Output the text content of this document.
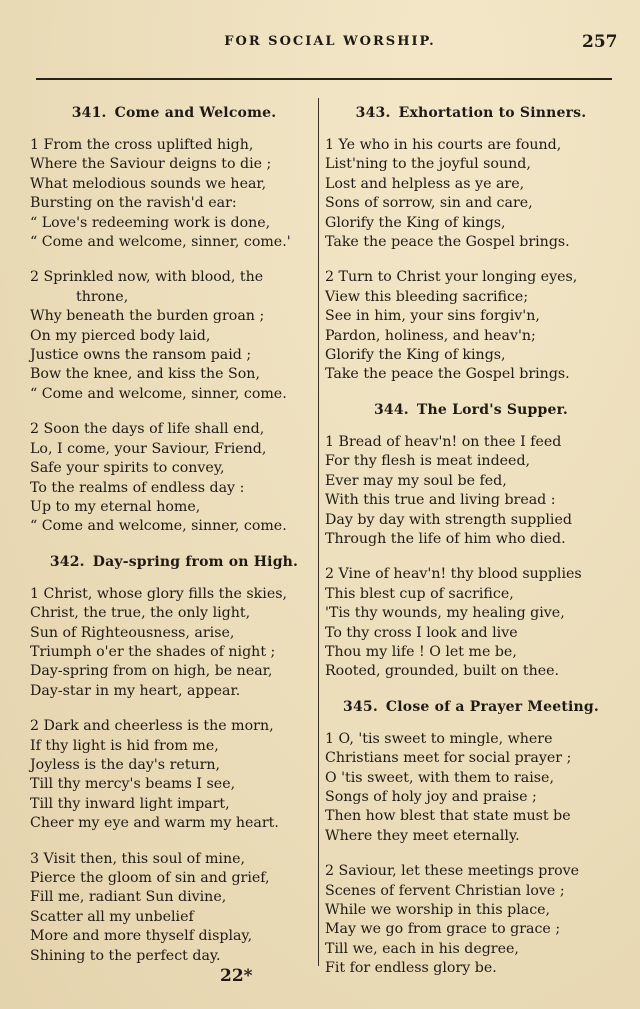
FOR SOCIAL WORSHIP.	257
341. Come and Welcome.
1 From the cross uplifted high,
Where the Saviour deigns to die ;
What melodious sounds we hear,
Bursting on the ravish'd ear:
“ Love's redeeming work is done,
“ Come and welcome, sinner, come.'
2 Sprinkled now, with blood, the
throne,
Why beneath the burden groan ;
On my pierced body laid,
Justice owns the ransom paid ;
Bow the knee, and kiss the Son,
“ Come and welcome, sinner, come.
2 Soon the days of life shall end,
Lo, I come, your Saviour, Friend,
Safe your spirits to convey,
To the realms of endless day :
Up to my eternal home,
“ Come and welcome, sinner, come.
342. Day-spring from on High.
1 Christ, whose glory fills the skies,
Christ, the true, the only light,
Sun of Righteousness, arise,
Triumph o'er the shades of night ;
Day-spring from on high, be near,
Day-star in my heart, appear.
2 Dark and cheerless is the morn,
If thy light is hid from me,
Joyless is the day's return,
Till thy mercy's beams I see,
Till thy inward light impart,
Cheer my eye and warm my heart.
3 Visit then, this soul of mine,
Pierce the gloom of sin and grief,
Fill me, radiant Sun divine,
Scatter all my unbelief
More and more thyself display,
Shining to the perfect day.
343. Exhortation to Sinners.
1 Ye who in his courts are found,
List'ning to the joyful sound,
Lost and helpless as ye are,
Sons of sorrow, sin and care,
Glorify the King of kings,
Take the peace the Gospel brings.
2 Turn to Christ your longing eyes,
View this bleeding sacrifice;
See in him, your sins forgiv'n,
Pardon, holiness, and heav'n;
Glorify the King of kings,
Take the peace the Gospel brings.
344. The Lord's Supper.
1 Bread of heav'n! on thee I feed
For thy flesh is meat indeed,
Ever may my soul be fed,
With this true and living bread :
Day by day with strength supplied
Through the life of him who died.
2 Vine of heav'n! thy blood supplies
This blest cup of sacrifice,
'Tis thy wounds, my healing give,
To thy cross I look and live
Thou my life ! O let me be,
Rooted, grounded, built on thee.
345. Close of a Prayer Meeting.
1 O, 'tis sweet to mingle, where
Christians meet for social prayer ;
O 'tis sweet, with them to raise,
Songs of holy joy and praise ;
Then how blest that state must be
Where they meet eternally.
2 Saviour, let these meetings prove
Scenes of fervent Christian love ;
While we worship in this place,
May we go from grace to grace ;
Till we, each in his degree,
Fit for endless glory be.
22*
